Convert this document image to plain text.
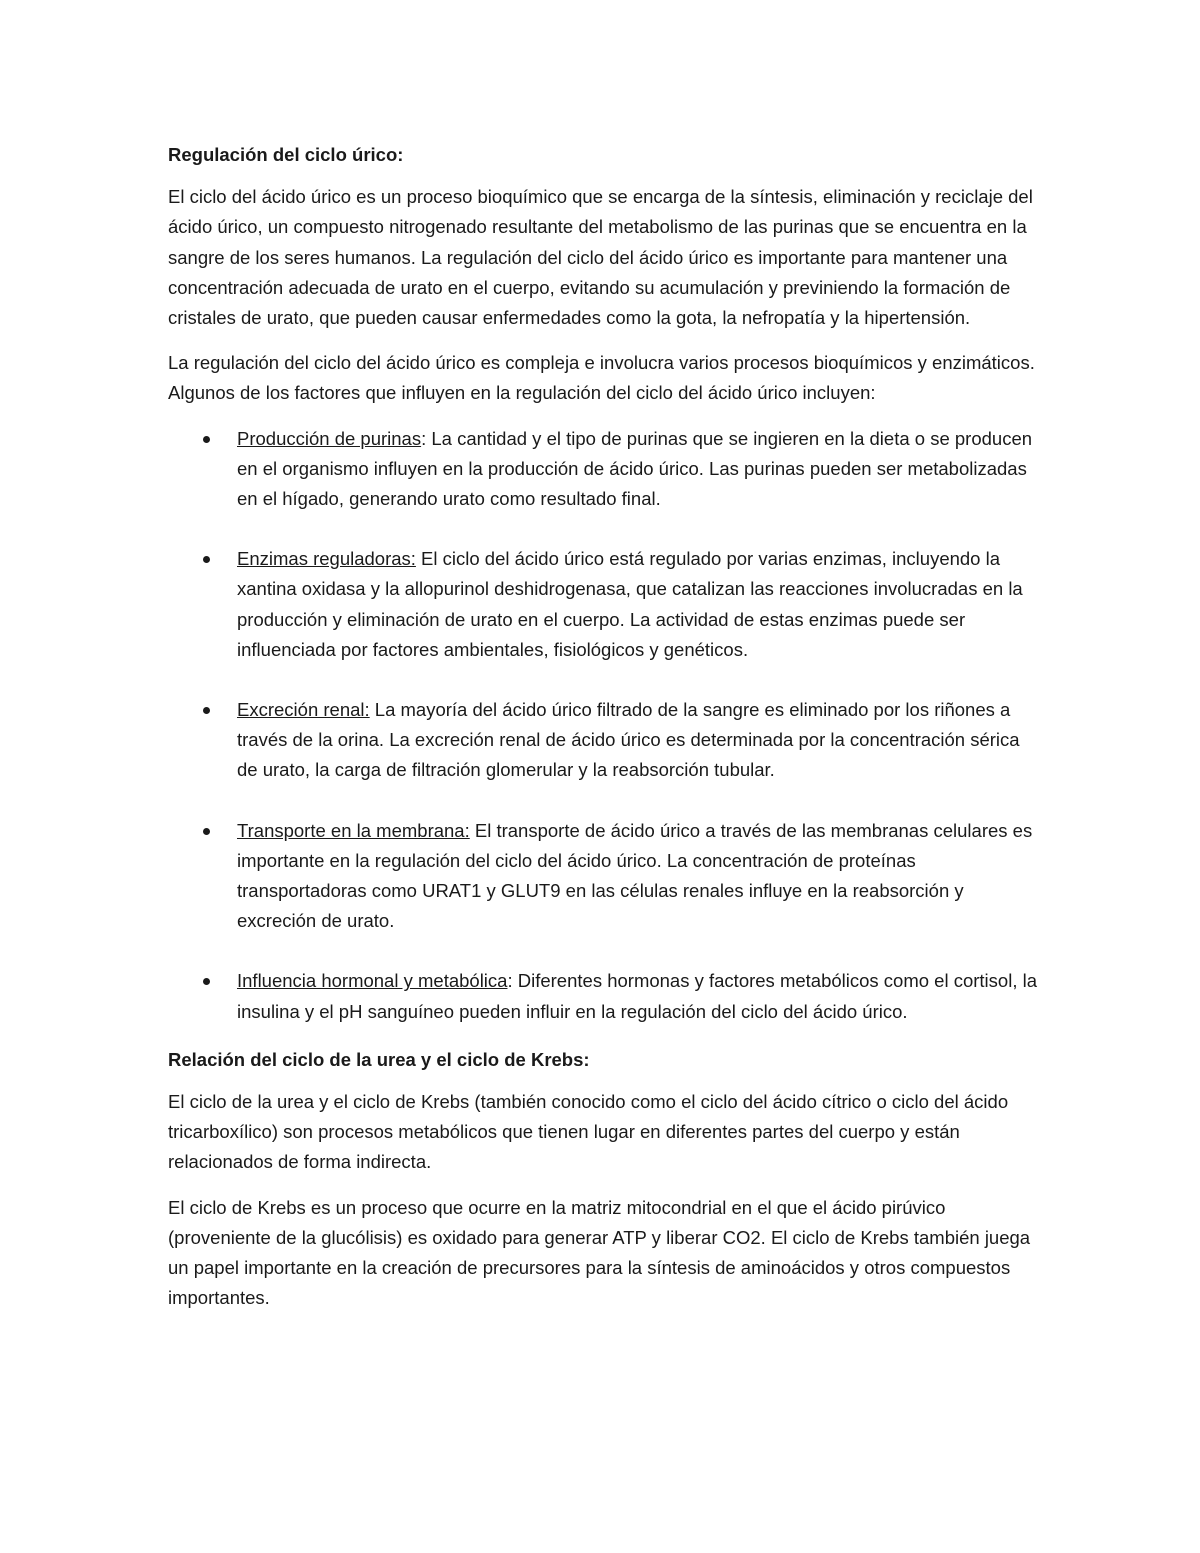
Regulación del ciclo úrico:

El ciclo del ácido úrico es un proceso bioquímico que se encarga de la síntesis, eliminación y reciclaje del ácido úrico, un compuesto nitrogenado resultante del metabolismo de las purinas que se encuentra en la sangre de los seres humanos. La regulación del ciclo del ácido úrico es importante para mantener una concentración adecuada de urato en el cuerpo, evitando su acumulación y previniendo la formación de cristales de urato, que pueden causar enfermedades como la gota, la nefropatía y la hipertensión.

La regulación del ciclo del ácido úrico es compleja e involucra varios procesos bioquímicos y enzimáticos. Algunos de los factores que influyen en la regulación del ciclo del ácido úrico incluyen:

Producción de purinas: La cantidad y el tipo de purinas que se ingieren en la dieta o se producen en el organismo influyen en la producción de ácido úrico. Las purinas pueden ser metabolizadas en el hígado, generando urato como resultado final.
Enzimas reguladoras: El ciclo del ácido úrico está regulado por varias enzimas, incluyendo la xantina oxidasa y la allopurinol deshidrogenasa, que catalizan las reacciones involucradas en la producción y eliminación de urato en el cuerpo. La actividad de estas enzimas puede ser influenciada por factores ambientales, fisiológicos y genéticos.
Excreción renal: La mayoría del ácido úrico filtrado de la sangre es eliminado por los riñones a través de la orina. La excreción renal de ácido úrico es determinada por la concentración sérica de urato, la carga de filtración glomerular y la reabsorción tubular.
Transporte en la membrana: El transporte de ácido úrico a través de las membranas celulares es importante en la regulación del ciclo del ácido úrico. La concentración de proteínas transportadoras como URAT1 y GLUT9 en las células renales influye en la reabsorción y excreción de urato.
Influencia hormonal y metabólica: Diferentes hormonas y factores metabólicos como el cortisol, la insulina y el pH sanguíneo pueden influir en la regulación del ciclo del ácido úrico.
Relación del ciclo de la urea y el ciclo de Krebs:

El ciclo de la urea y el ciclo de Krebs (también conocido como el ciclo del ácido cítrico o ciclo del ácido tricarboxílico) son procesos metabólicos que tienen lugar en diferentes partes del cuerpo y están relacionados de forma indirecta.

El ciclo de Krebs es un proceso que ocurre en la matriz mitocondrial en el que el ácido pirúvico (proveniente de la glucólisis) es oxidado para generar ATP y liberar CO2. El ciclo de Krebs también juega un papel importante en la creación de precursores para la síntesis de aminoácidos y otros compuestos importantes.
